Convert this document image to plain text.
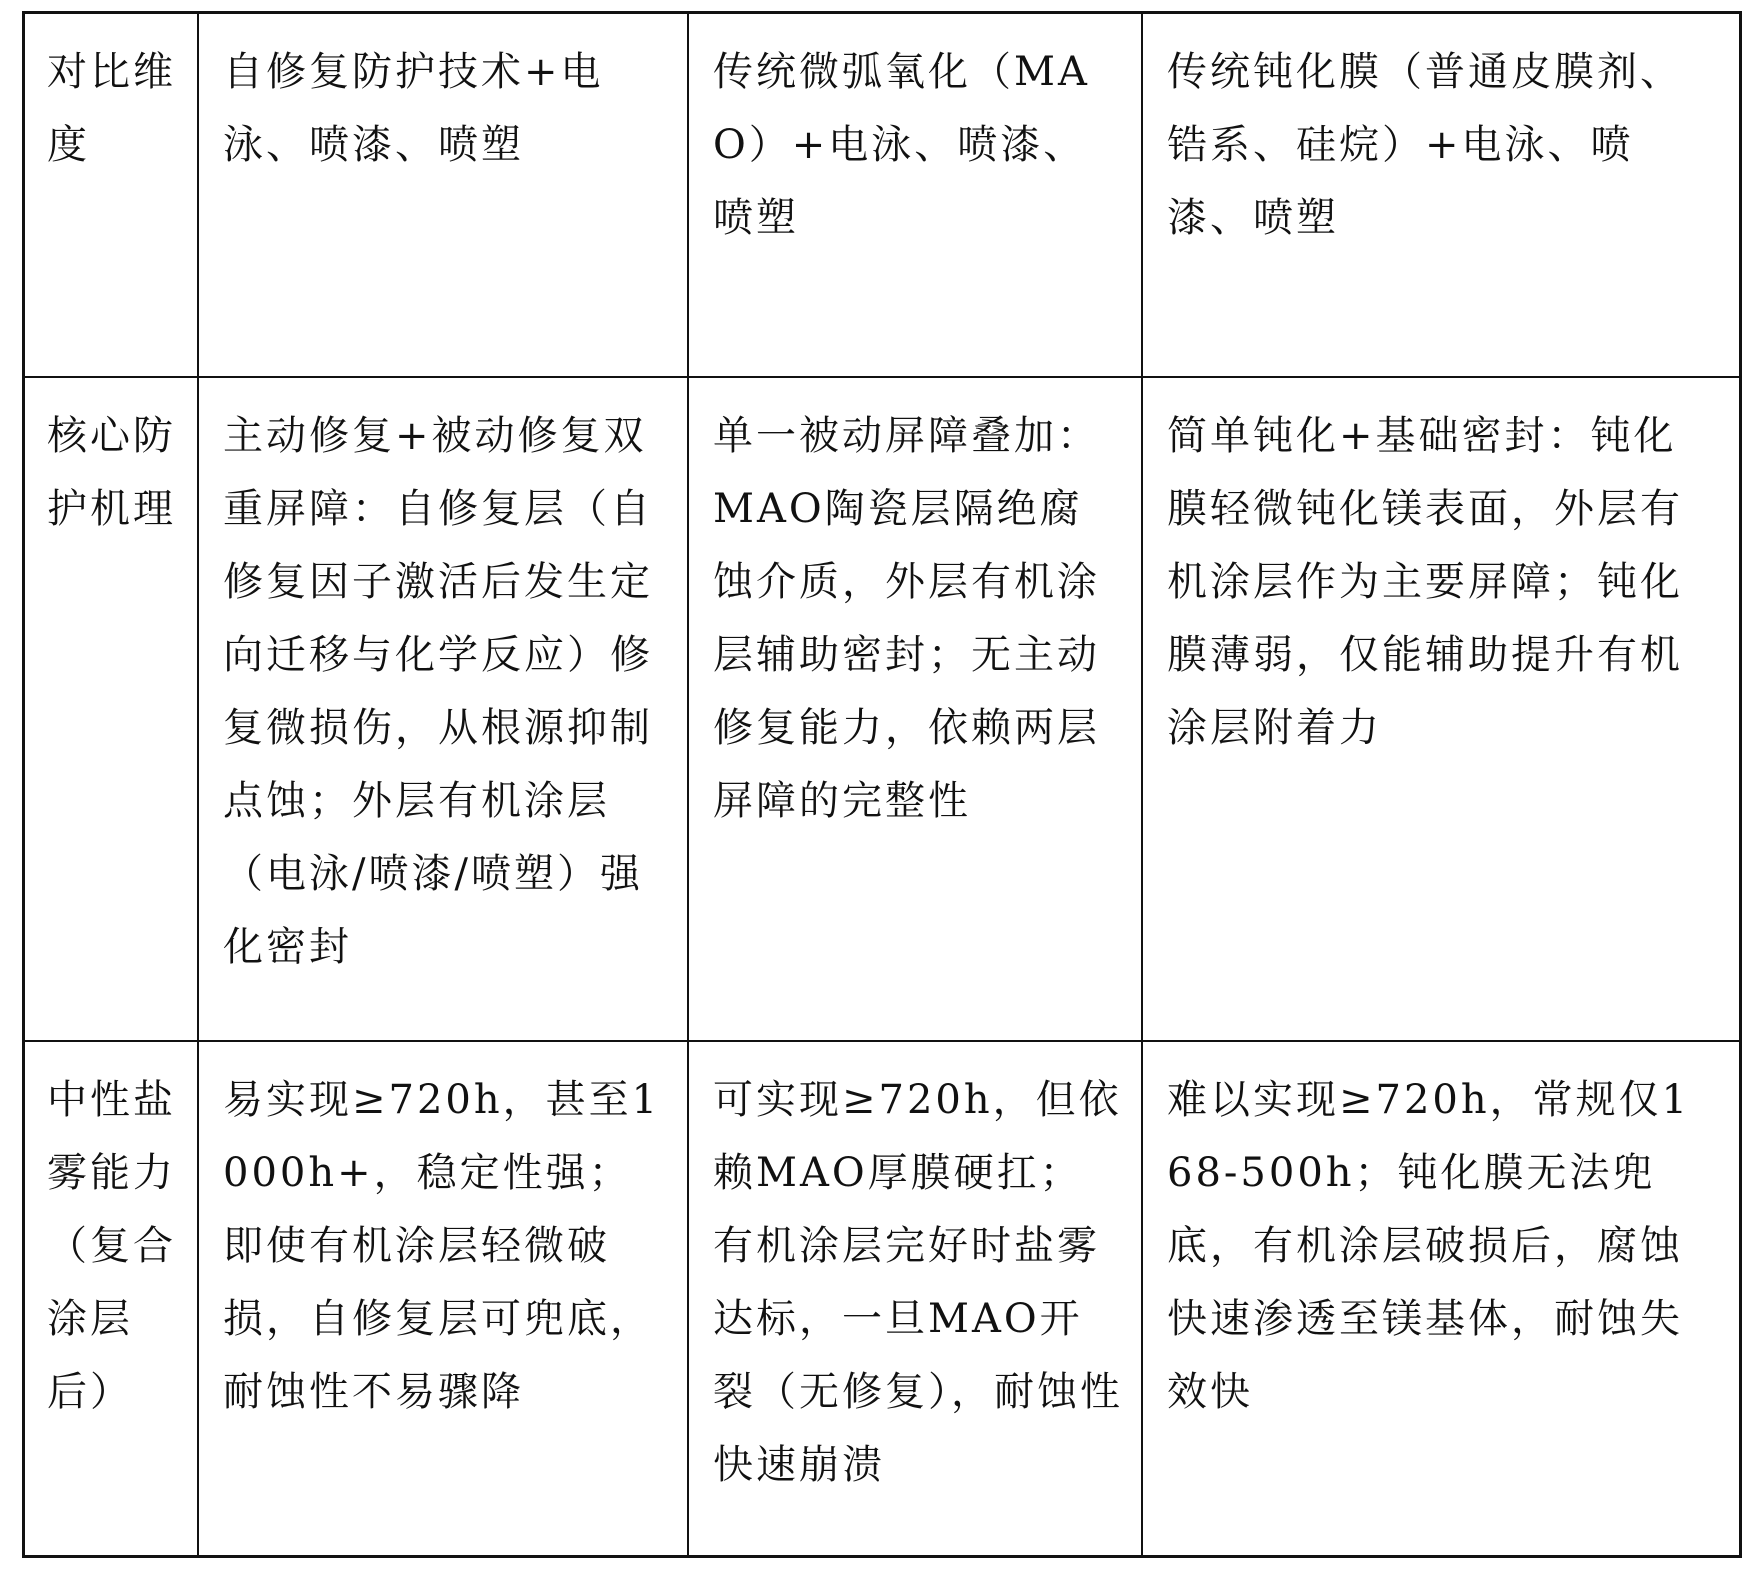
对比维度	自修复防护技术+电泳、喷漆、喷塑	传统微弧氧化（MAO）+电泳、喷漆、喷塑	传统钝化膜（普通皮膜剂、锆系、硅烷）+电泳、喷漆、喷塑

核心防护机理	主动修复+被动修复双重屏障：自修复层（自修复因子激活后发生定向迁移与化学反应）修复微损伤，从根源抑制点蚀；外层有机涂层（电泳/喷漆/喷塑）强化密封	单一被动屏障叠加：MAO陶瓷层隔绝腐蚀介质，外层有机涂层辅助密封；无主动修复能力，依赖两层屏障的完整性	简单钝化+基础密封：钝化膜轻微钝化镁表面，外层有机涂层作为主要屏障；钝化膜薄弱，仅能辅助提升有机涂层附着力

中性盐雾能力（复合涂层后）	易实现≥720h，甚至1000h+，稳定性强；即使有机涂层轻微破损，自修复层可兜底，耐蚀性不易骤降	可实现≥720h，但依赖MAO厚膜硬扛；有机涂层完好时盐雾达标，一旦MAO开裂（无修复），耐蚀性快速崩溃	难以实现≥720h，常规仅168-500h；钝化膜无法兜底，有机涂层破损后，腐蚀快速渗透至镁基体，耐蚀失效快
